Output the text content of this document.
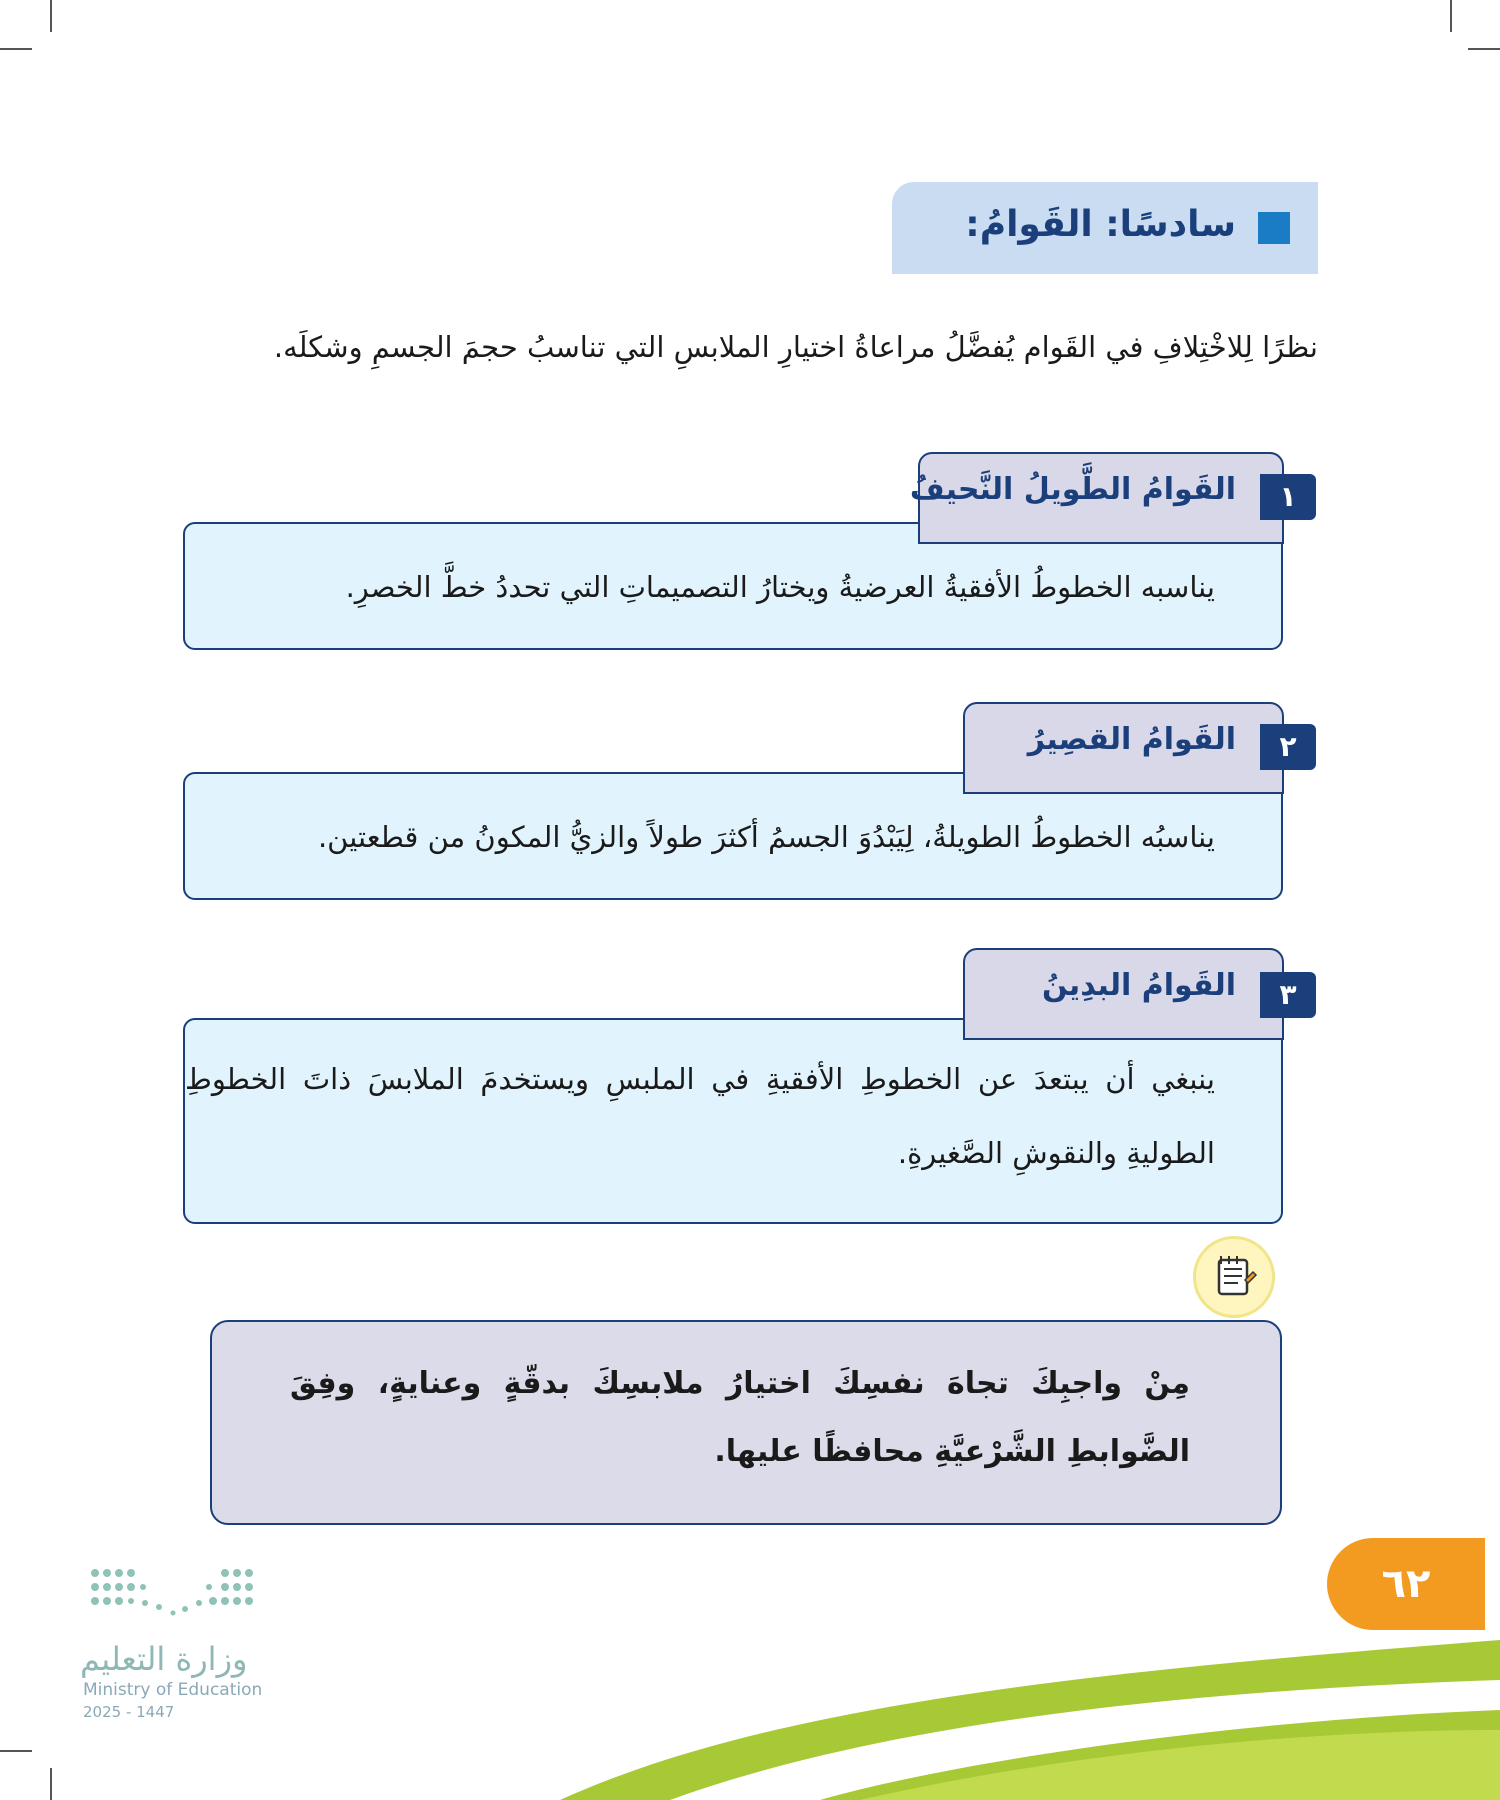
سادسًا: القَوامُ:
نظرًا لِلاخْتِلافِ في القَوام يُفضَّلُ مراعاةُ اختيارِ الملابسِ التي تناسبُ حجمَ الجسمِ وشكلَه.
يناسبه الخطوطُ الأفقيةُ العرضيةُ ويختارُ التصميماتِ التي تحددُ خطَّ الخصرِ.
القَوامُ الطَّويلُ النَّحيفُ	١
يناسبُه الخطوطُ الطويلةُ، لِيَبْدُوَ الجسمُ أكثرَ طولاً والزيُّ المكونُ من قطعتين.
القَوامُ القصِيرُ	٢
ينبغي أن يبتعدَ عن الخطوطِ الأفقيةِ في الملبسِ ويستخدمَ الملابسَ ذاتَ الخطوطِ الطوليةِ والنقوشِ الصَّغيرةِ.
القَوامُ البدِينُ	٣
مِنْ واجبِكَ تجاهَ نفسِكَ اختيارُ ملابسِكَ بدقّةٍ وعنايةٍ، وفِقَ الضَّوابطِ الشَّرْعيَّةِ محافظًا عليها.
٦٢
وزارة التعليم
Ministry of Education
2025 - 1447
